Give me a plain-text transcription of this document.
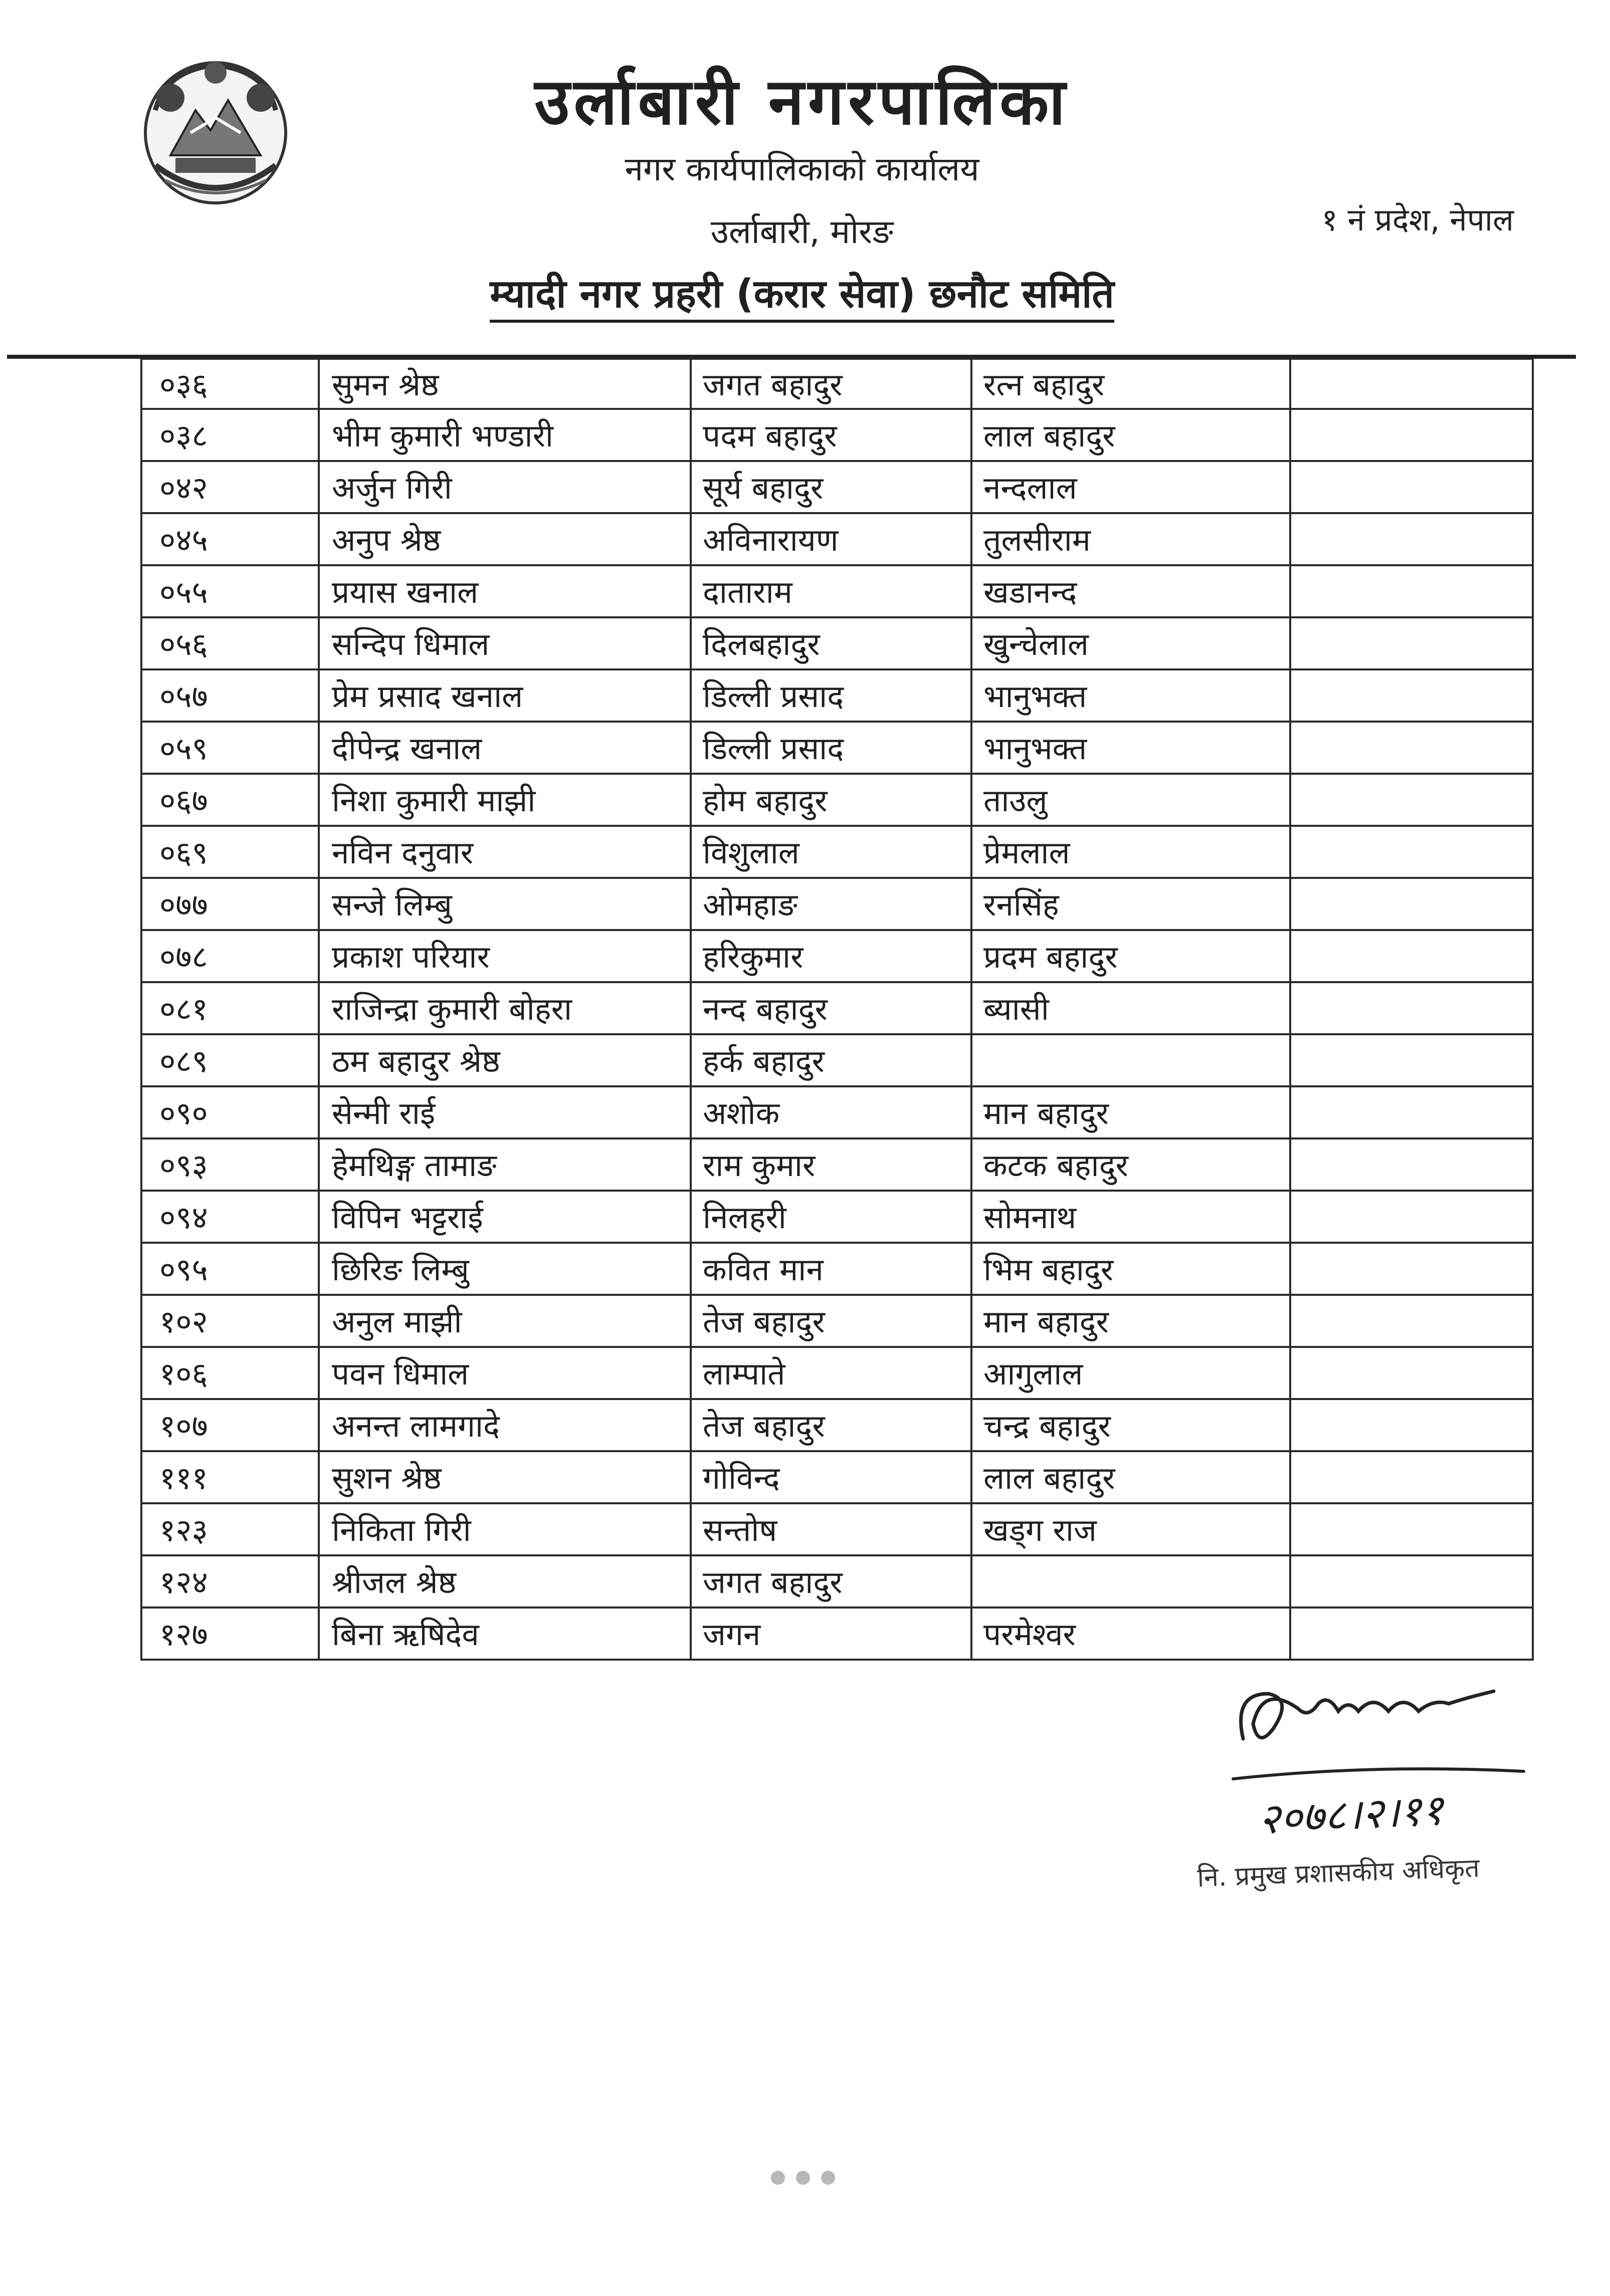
उर्लाबारी नगरपालिका
नगर कार्यपालिकाको कार्यालय
उर्लाबारी, मोरङ	१ नं प्रदेश, नेपाल
म्यादी नगर प्रहरी (करार सेवा) छनौट समिति
०३६	सुमन श्रेष्ठ	जगत बहादुर	रत्न बहादुर
०३८	भीम कुमारी भण्डारी	पदम बहादुर	लाल बहादुर
०४२	अर्जुन गिरी	सूर्य बहादुर	नन्दलाल
०४५	अनुप श्रेष्ठ	अविनारायण	तुलसीराम
०५५	प्रयास खनाल	दाताराम	खडानन्द
०५६	सन्दिप धिमाल	दिलबहादुर	खुन्चेलाल
०५७	प्रेम प्रसाद खनाल	डिल्ली प्रसाद	भानुभक्त
०५९	दीपेन्द्र खनाल	डिल्ली प्रसाद	भानुभक्त
०६७	निशा कुमारी माझी	होम बहादुर	ताउलु
०६९	नविन दनुवार	विशुलाल	प्रेमलाल
०७७	सन्जे लिम्बु	ओमहाङ	रनसिंह
०७८	प्रकाश परियार	हरिकुमार	प्रदम बहादुर
०८१	राजिन्द्रा कुमारी बोहरा	नन्द बहादुर	ब्यासी
०८९	ठम बहादुर श्रेष्ठ	हर्क बहादुर
०९०	सेन्मी राई	अशोक	मान बहादुर
०९३	हेमथिङ्ग तामाङ	राम कुमार	कटक बहादुर
०९४	विपिन भट्टराई	निलहरी	सोमनाथ
०९५	छिरिङ लिम्बु	कवित मान	भिम बहादुर
१०२	अनुल माझी	तेज बहादुर	मान बहादुर
१०६	पवन धिमाल	लाम्पाते	आगुलाल
१०७	अनन्त लामगादे	तेज बहादुर	चन्द्र बहादुर
१११	सुशन श्रेष्ठ	गोविन्द	लाल बहादुर
१२३	निकिता गिरी	सन्तोष	खड्ग राज
१२४	श्रीजल श्रेष्ठ	जगत बहादुर
१२७	बिना ऋषिदेव	जगन	परमेश्वर
२०७८।२।११
नि. प्रमुख प्रशासकीय अधिकृत
